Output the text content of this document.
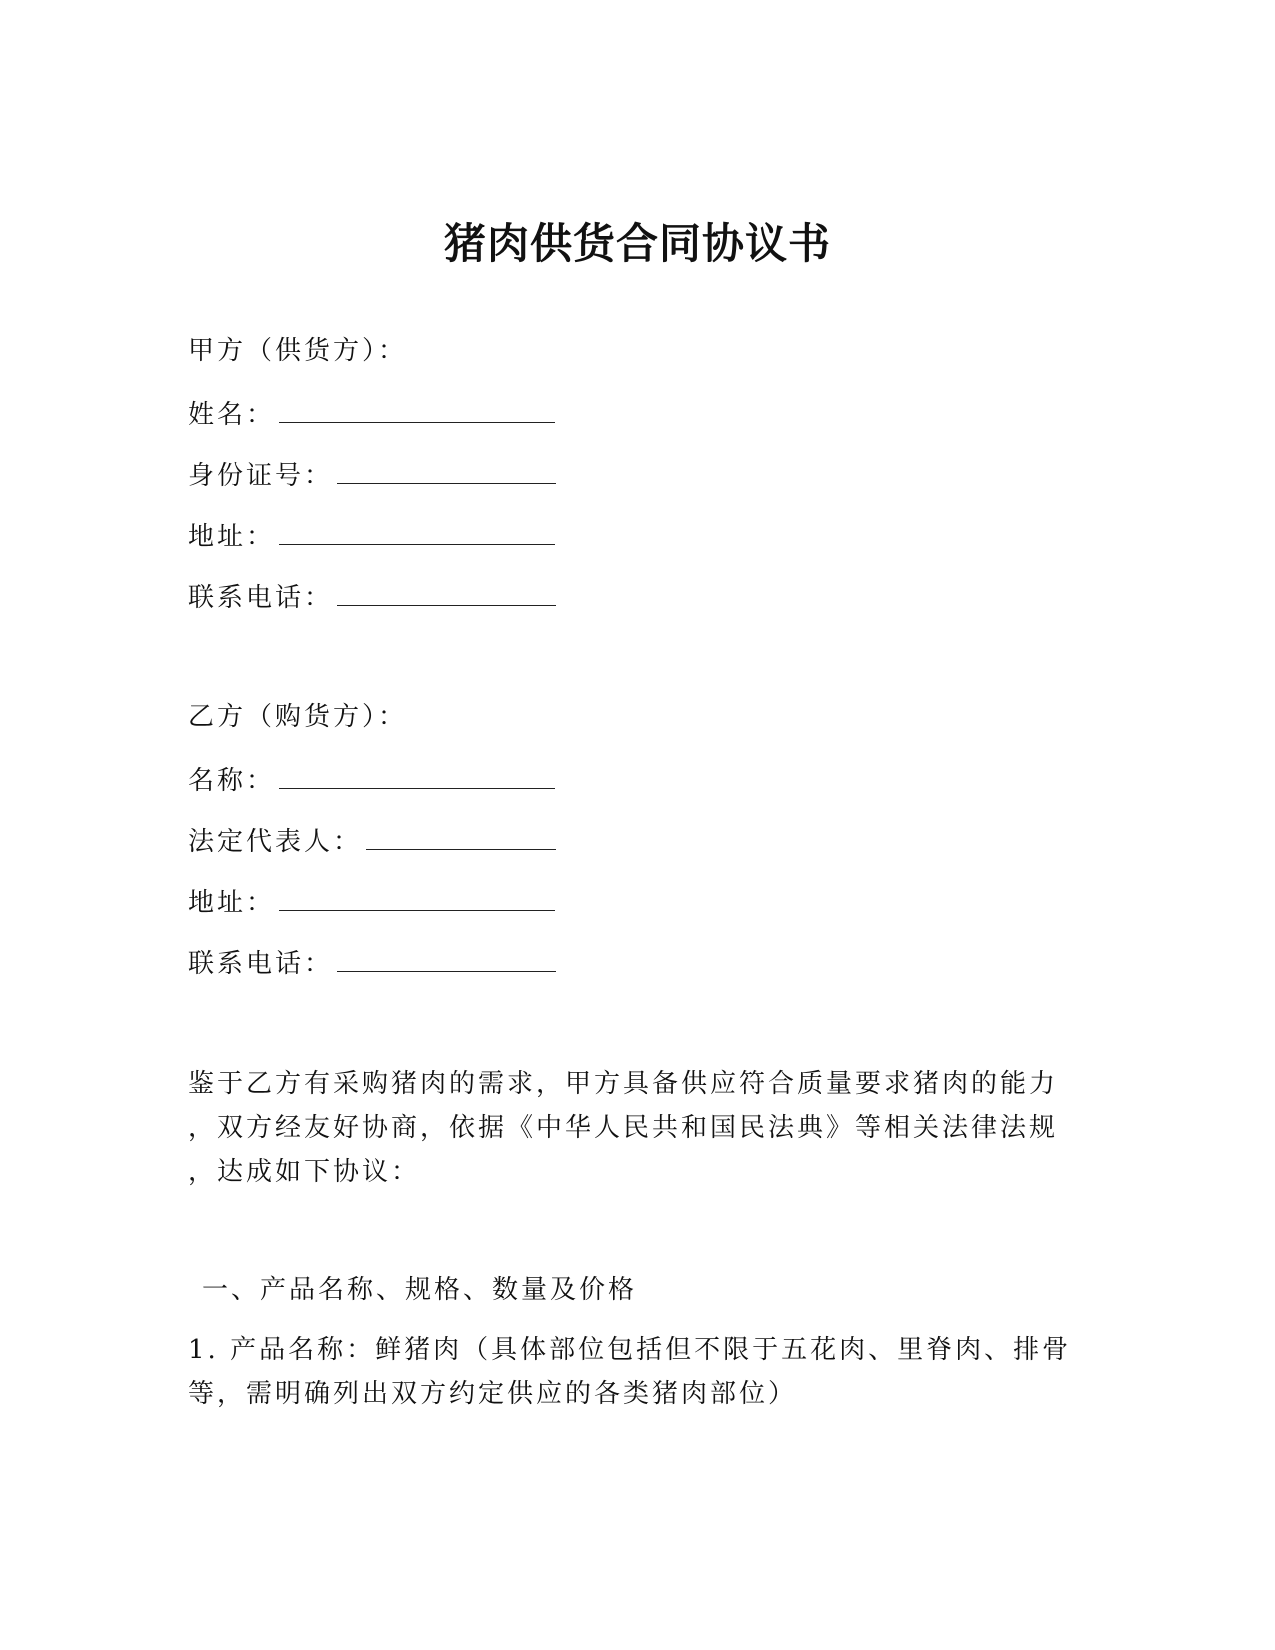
猪肉供货合同协议书
甲方（供货方）：
姓名：
身份证号：
地址：
联系电话：
乙方（购货方）：
名称：
法定代表人：
地址：
联系电话：
鉴于乙方有采购猪肉的需求，甲方具备供应符合质量要求猪肉的能力
，双方经友好协商，依据《中华人民共和国民法典》等相关法律法规
，达成如下协议：
一、产品名称、规格、数量及价格
1. 产品名称：鲜猪肉（具体部位包括但不限于五花肉、里脊肉、排骨
等，需明确列出双方约定供应的各类猪肉部位）
